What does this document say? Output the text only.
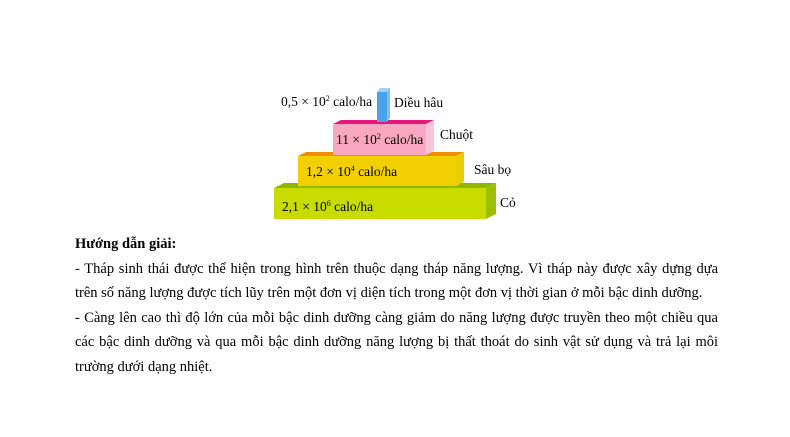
$0,5 \times 10^2$ calo/ha Diều hâu
$11 \times 10^2$ calo/ha Chuột
$1,2 \times 10^4$ calo/ha	Sâu bọ
$2,1 \times 10^6$ calo/ha	Cỏ
Hướng dẫn giải:

- Tháp sinh thái được thể hiện trong hình trên thuộc dạng tháp năng lượng. Vì tháp này được xây dựng dựa trên số năng lượng được tích lũy trên một đơn vị diện tích trong một đơn vị thời gian ở mỗi bậc dinh dưỡng.

- Càng lên cao thì độ lớn của mỗi bậc dinh dưỡng càng giảm do năng lượng được truyền theo một chiều qua các bậc dinh dưỡng và qua mỗi bậc dinh dưỡng năng lượng bị thất thoát do sinh vật sử dụng và trả lại môi trường dưới dạng nhiệt.
